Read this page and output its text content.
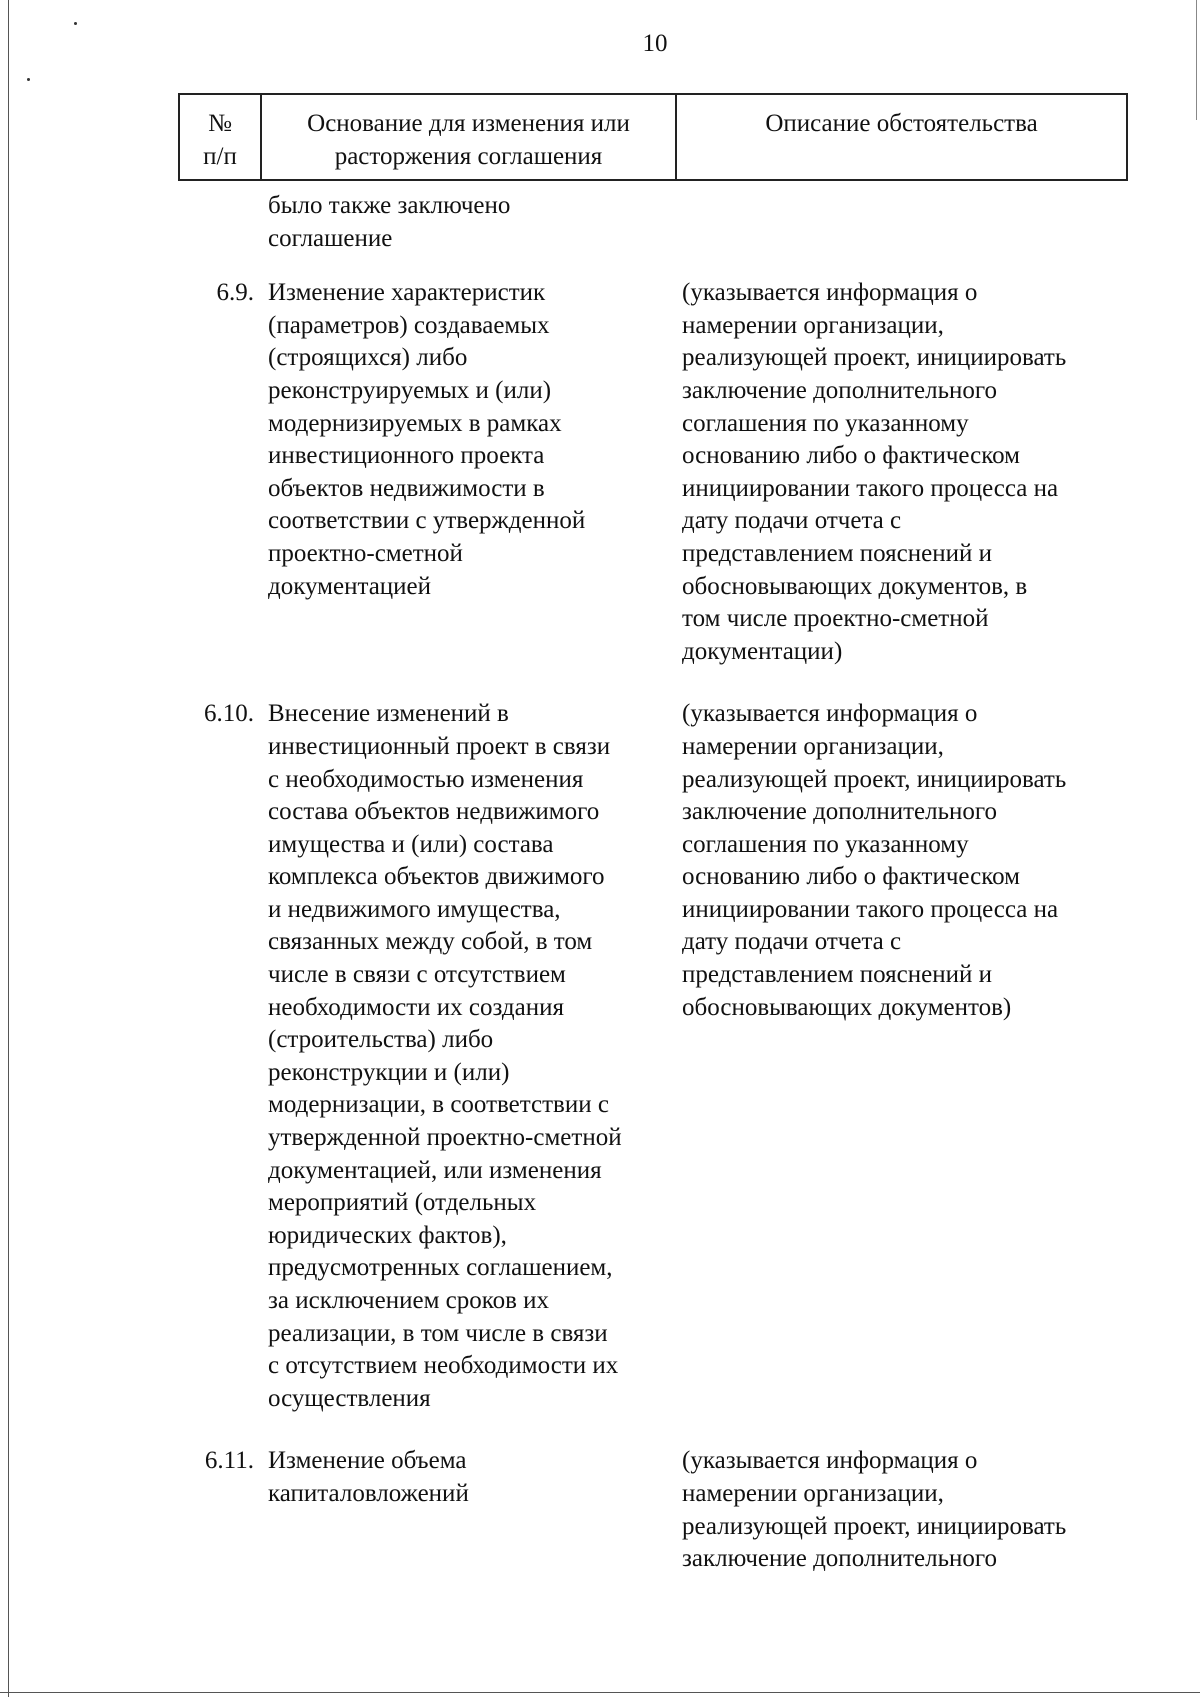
10
№
п/п
Основание для изменения или
расторжения соглашения
Описание обстоятельства
было также заключено
соглашение
6.9. Изменение характеристик
(параметров) создаваемых
(строящихся) либо
реконструируемых и (или)
модернизируемых в рамках
инвестиционного проекта
объектов недвижимости в
соответствии с утвержденной
проектно-сметной
документацией
(указывается информация о
намерении организации,
реализующей проект, инициировать
заключение дополнительного
соглашения по указанному
основанию либо о фактическом
инициировании такого процесса на
дату подачи отчета с
представлением пояснений и
обосновывающих документов, в
том числе проектно-сметной
документации)
6.10. Внесение изменений в
инвестиционный проект в связи
с необходимостью изменения
состава объектов недвижимого
имущества и (или) состава
комплекса объектов движимого
и недвижимого имущества,
связанных между собой, в том
числе в связи с отсутствием
необходимости их создания
(строительства) либо
реконструкции и (или)
модернизации, в соответствии с
утвержденной проектно-сметной
документацией, или изменения
мероприятий (отдельных
юридических фактов),
предусмотренных соглашением,
за исключением сроков их
реализации, в том числе в связи
с отсутствием необходимости их
осуществления
(указывается информация о
намерении организации,
реализующей проект, инициировать
заключение дополнительного
соглашения по указанному
основанию либо о фактическом
инициировании такого процесса на
дату подачи отчета с
представлением пояснений и
обосновывающих документов)
6.11. Изменение объема
капиталовложений
(указывается информация о
намерении организации,
реализующей проект, инициировать
заключение дополнительного
